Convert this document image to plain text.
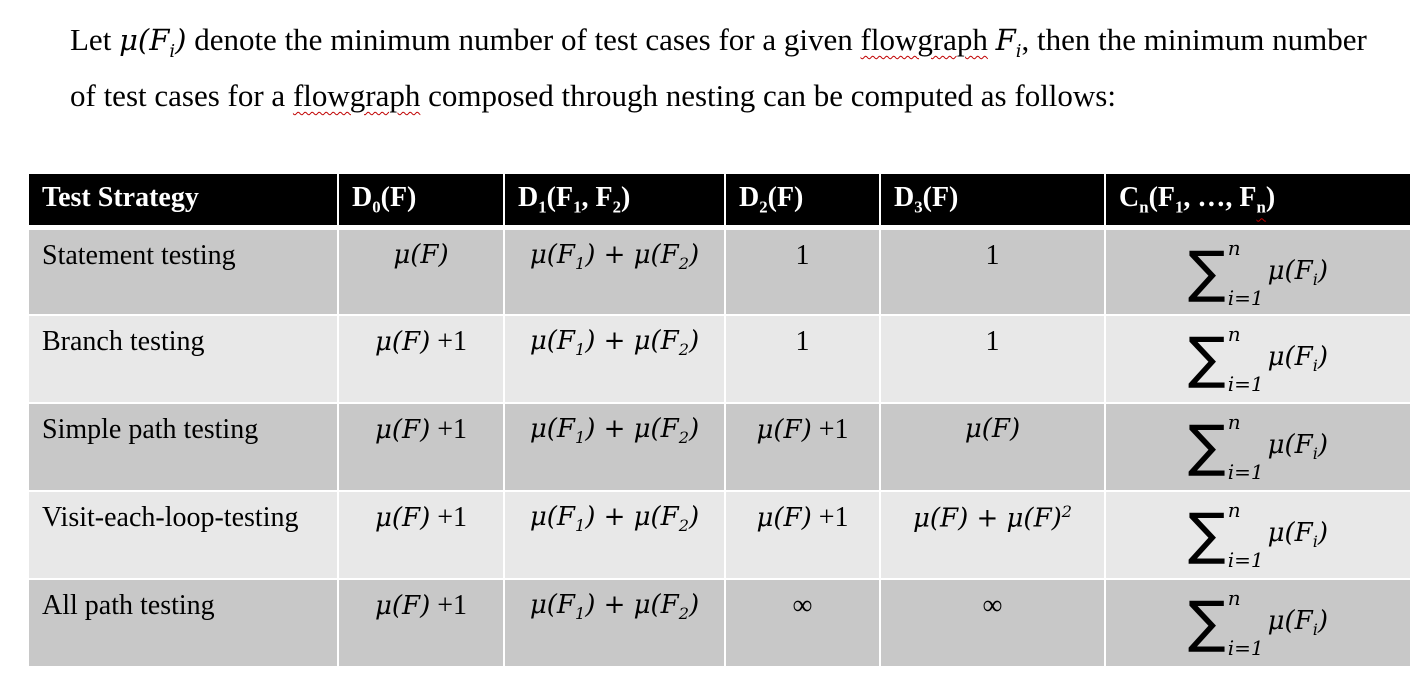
Let $\mu(F_i)$ denote the minimum number of test cases for a given flowgraph $F_i$, then the minimum number of test cases for a flowgraph composed through nesting can be computed as follows:

Test Strategy	$D_0(F)$	$D_1(F_1$, $F_2$)	$D_2(F)$	$D_3(F)$	$C_n(F_1$, …, $F_n$)
Statement testing	μ(F)	$\mu(F_1) + \mu(F_2)$	1	1	∑ n
i=1
$\mu(F_i)$

Branch testing	μ(F) +1	$\mu(F_1) + \mu(F_2)$	1	1	∑ n
i=1
$\mu(F_i)$

Simple path testing	μ(F) +1	$\mu(F_1) + \mu(F_2)$	μ(F) +1	μ(F)	∑ n
i=1
$\mu(F_i)$

Visit-each-loop-testing	μ(F) +1	$\mu(F_1) + \mu(F_2)$	μ(F) +1	$\mu(F) + \mu(F)^2$	∑ n
i=1
$\mu(F_i)$

All path testing	μ(F) +1	$\mu(F_1) + \mu(F_2)$	∞	∞	∑ n
i=1
$\mu(F_i)$
